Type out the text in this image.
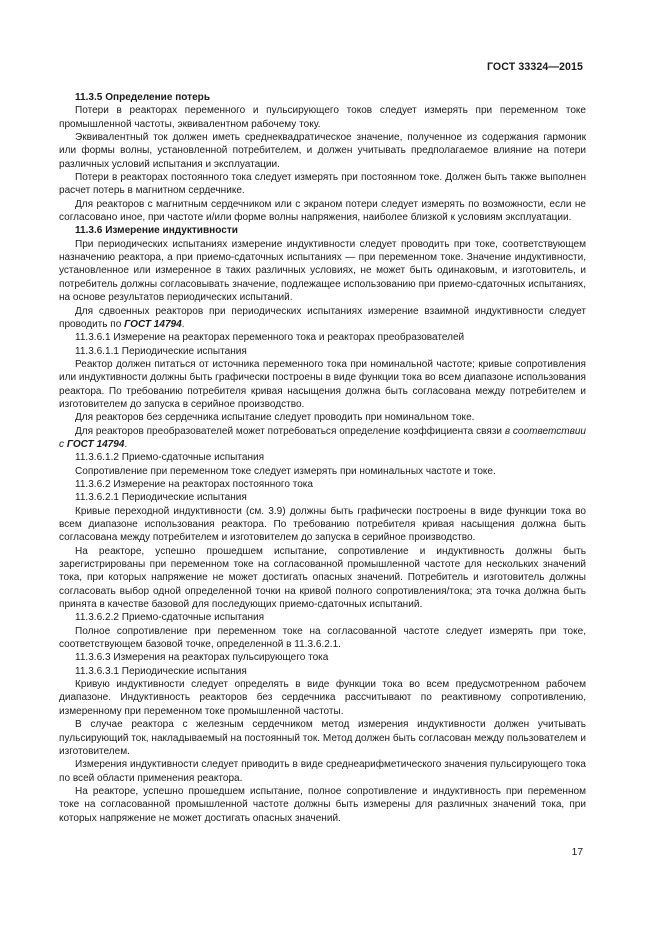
ГОСТ 33324—2015

11.3.5 Определение потерь

Потери в реакторах переменного и пульсирующего токов следует измерять при переменном токе промышленной частоты, эквивалентном рабочему току.

Эквивалентный ток должен иметь среднеквадратическое значение, полученное из содержания гармоник или формы волны, установленной потребителем, и должен учитывать предполагаемое влияние на потери различных условий испытания и эксплуатации.

Потери в реакторах постоянного тока следует измерять при постоянном токе. Должен быть также выполнен расчет потерь в магнитном сердечнике.

Для реакторов с магнитным сердечником или с экраном потери следует измерять по возможности, если не согласовано иное, при частоте и/или форме волны напряжения, наиболее близкой к условиям эксплуатации.

11.3.6 Измерение индуктивности

При периодических испытаниях измерение индуктивности следует проводить при токе, соответствующем назначению реактора, а при приемо-сдаточных испытаниях — при переменном токе. Значение индуктивности, установленное или измеренное в таких различных условиях, не может быть одинаковым, и изготовитель, и потребитель должны согласовывать значение, подлежащее использованию при приемо-сдаточных испытаниях, на основе результатов периодических испытаний.

Для сдвоенных реакторов при периодических испытаниях измерение взаимной индуктивности следует проводить по ГОСТ 14794.

11.3.6.1 Измерение на реакторах переменного тока и реакторах преобразователей

11.3.6.1.1 Периодические испытания

Реактор должен питаться от источника переменного тока при номинальной частоте; кривые сопротивления или индуктивности должны быть графически построены в виде функции тока во всем диапазоне использования реактора. По требованию потребителя кривая насыщения должна быть согласована между потребителем и изготовителем до запуска в серийное производство.

Для реакторов без сердечника испытание следует проводить при номинальном токе.

Для реакторов преобразователей может потребоваться определение коэффициента связи в соответствии с ГОСТ 14794.

11.3.6.1.2 Приемо-сдаточные испытания

Сопротивление при переменном токе следует измерять при номинальных частоте и токе.

11.3.6.2 Измерение на реакторах постоянного тока

11.3.6.2.1 Периодические испытания

Кривые переходной индуктивности (см. 3.9) должны быть графически построены в виде функции тока во всем диапазоне использования реактора. По требованию потребителя кривая насыщения должна быть согласована между потребителем и изготовителем до запуска в серийное производство.

На реакторе, успешно прошедшем испытание, сопротивление и индуктивность должны быть зарегистрированы при переменном токе на согласованной промышленной частоте для нескольких значений тока, при которых напряжение не может достигать опасных значений. Потребитель и изготовитель должны согласовать выбор одной определенной точки на кривой полного сопротивления/тока; эта точка должна быть принята в качестве базовой для последующих приемо-сдаточных испытаний.

11.3.6.2.2 Приемо-сдаточные испытания

Полное сопротивление при переменном токе на согласованной частоте следует измерять при токе, соответствующем базовой точке, определенной в 11.3.6.2.1.

11.3.6.3 Измерения на реакторах пульсирующего тока

11.3.6.3.1 Периодические испытания

Кривую индуктивности следует определять в виде функции тока во всем предусмотренном рабочем диапазоне. Индуктивность реакторов без сердечника рассчитывают по реактивному сопротивлению, измеренному при переменном токе промышленной частоты.

В случае реактора с железным сердечником метод измерения индуктивности должен учитывать пульсирующий ток, накладываемый на постоянный ток. Метод должен быть согласован между пользователем и изготовителем.

Измерения индуктивности следует приводить в виде среднеарифметического значения пульсирующего тока по всей области применения реактора.

На реакторе, успешно прошедшем испытание, полное сопротивление и индуктивность при переменном токе на согласованной промышленной частоте должны быть измерены для различных значений тока, при которых напряжение не может достигать опасных значений.

17
